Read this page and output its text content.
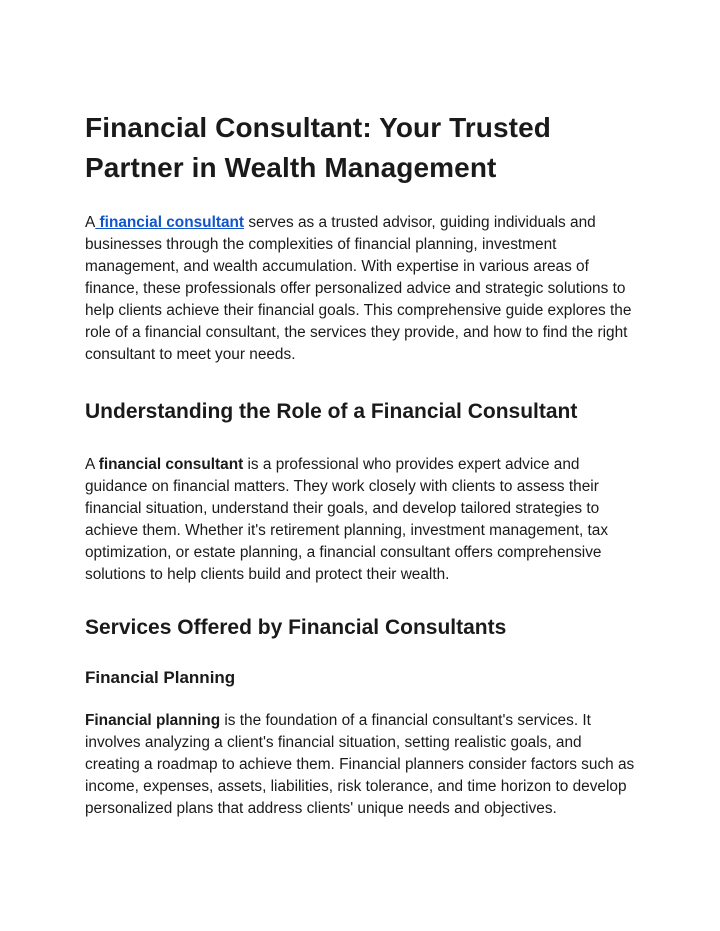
Financial Consultant: Your Trusted Partner in Wealth Management

A financial consultant serves as a trusted advisor, guiding individuals and businesses through the complexities of financial planning, investment management, and wealth accumulation. With expertise in various areas of finance, these professionals offer personalized advice and strategic solutions to help clients achieve their financial goals. This comprehensive guide explores the role of a financial consultant, the services they provide, and how to find the right consultant to meet your needs.

Understanding the Role of a Financial Consultant

A financial consultant is a professional who provides expert advice and guidance on financial matters. They work closely with clients to assess their financial situation, understand their goals, and develop tailored strategies to achieve them. Whether it's retirement planning, investment management, tax optimization, or estate planning, a financial consultant offers comprehensive solutions to help clients build and protect their wealth.

Services Offered by Financial Consultants
Financial Planning

Financial planning is the foundation of a financial consultant's services. It involves analyzing a client's financial situation, setting realistic goals, and creating a roadmap to achieve them. Financial planners consider factors such as income, expenses, assets, liabilities, risk tolerance, and time horizon to develop personalized plans that address clients' unique needs and objectives.
